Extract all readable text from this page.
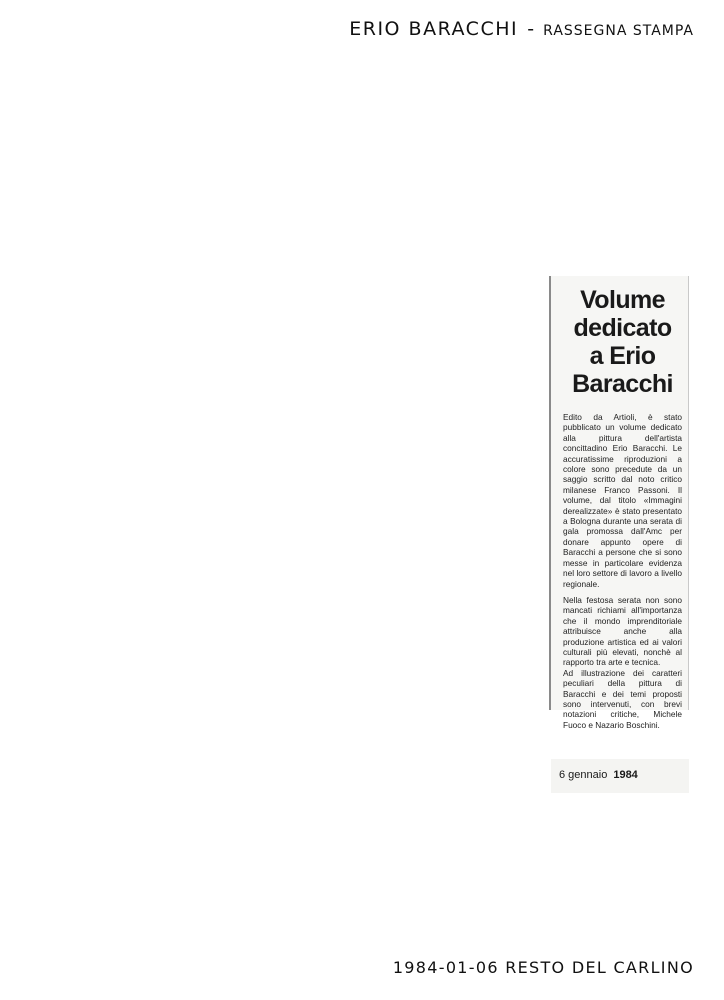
ERIO BARACCHI - RASSEGNA STAMPA
Volume
dedicato
a Erio
Baracchi

Edito da Artioli, è stato pubblicato un volume dedicato alla pittura dell'artista concittadino Erio Baracchi. Le accuratissime riproduzioni a colore sono precedute da un saggio scritto dal noto critico milanese Franco Passoni. Il volume, dal titolo «Immagini derealizzate» è stato presentato a Bologna durante una serata di gala promossa dall'Amc per donare appunto opere di Baracchi a persone che si sono messe in particolare evidenza nel loro settore di lavoro a livello regionale.

Nella festosa serata non sono mancati richiami all'importanza che il mondo imprenditoriale attribuisce anche alla produzione artistica ed ai valori culturali più elevati, nonchè al rapporto tra arte e tecnica.

Ad illustrazione dei caratteri peculiari della pittura di Baracchi e dei temi proposti sono intervenuti, con brevi notazioni critiche, Michele Fuoco e Nazario Boschini.

6 gennaio 1984
1984-01-06 RESTO DEL CARLINO
